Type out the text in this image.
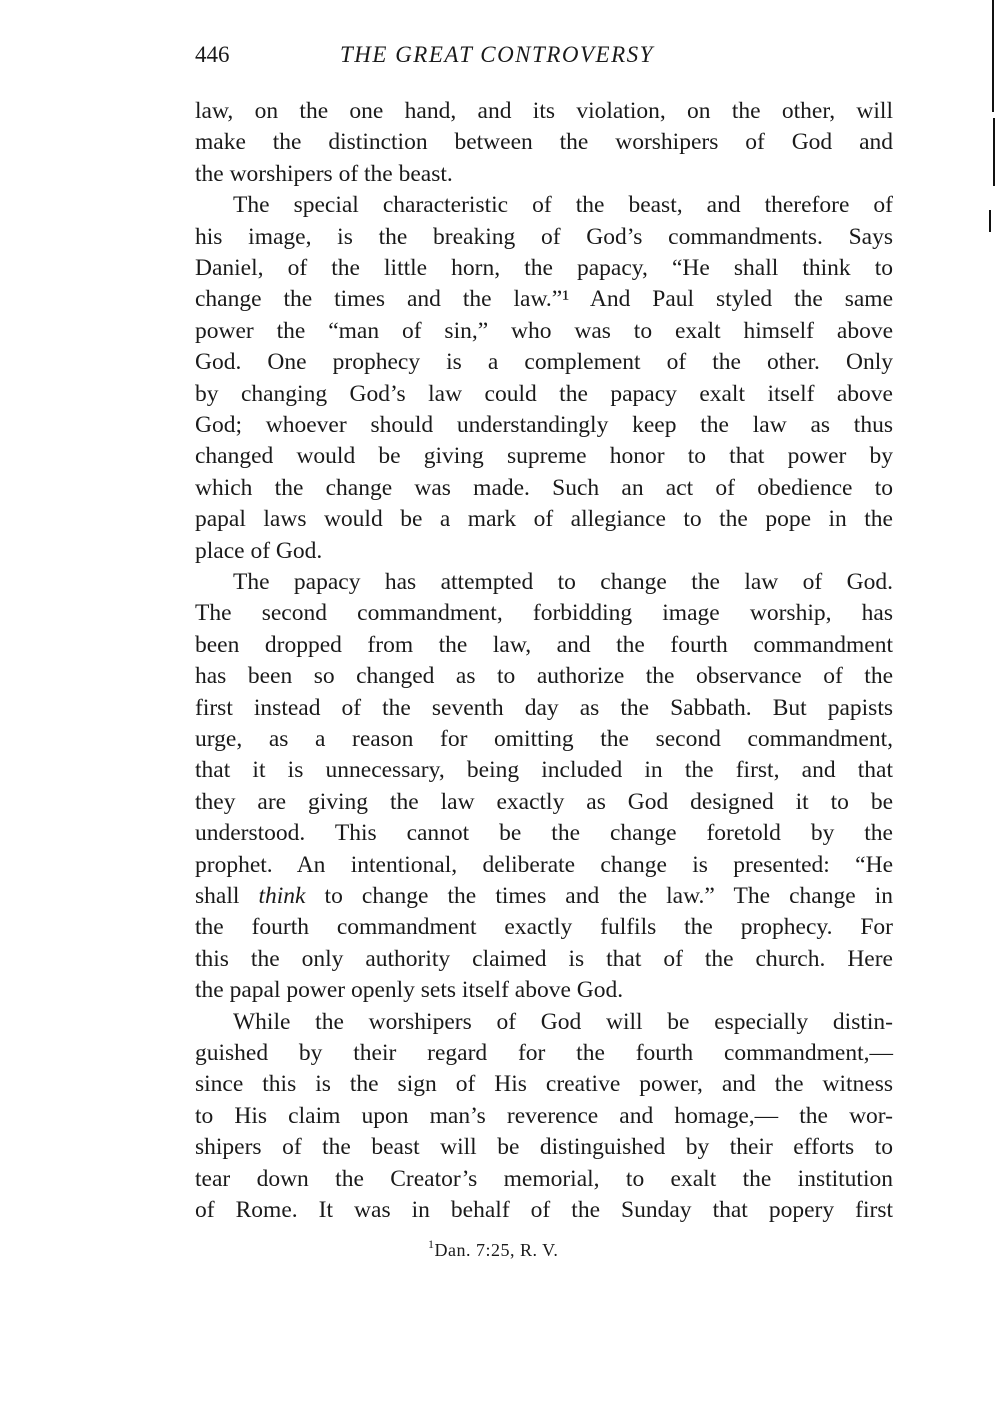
446	THE GREAT CONTROVERSY
law, on the one hand, and its violation, on the other, will
make the distinction between the worshipers of God and
the worshipers of the beast.
The special characteristic of the beast, and therefore of
his image, is the breaking of God’s commandments. Says
Daniel, of the little horn, the papacy, “He shall think to
change the times and the law.”¹ And Paul styled the same
power the “man of sin,” who was to exalt himself above
God. One prophecy is a complement of the other. Only
by changing God’s law could the papacy exalt itself above
God; whoever should understandingly keep the law as thus
changed would be giving supreme honor to that power by
which the change was made. Such an act of obedience to
papal laws would be a mark of allegiance to the pope in the
place of God.
The papacy has attempted to change the law of God.
The second commandment, forbidding image worship, has
been dropped from the law, and the fourth commandment
has been so changed as to authorize the observance of the
first instead of the seventh day as the Sabbath. But papists
urge, as a reason for omitting the second commandment,
that it is unnecessary, being included in the first, and that
they are giving the law exactly as God designed it to be
understood. This cannot be the change foretold by the
prophet. An intentional, deliberate change is presented: “He
shall think to change the times and the law.” The change in
the fourth commandment exactly fulfils the prophecy. For
this the only authority claimed is that of the church. Here
the papal power openly sets itself above God.
While the worshipers of God will be especially distin-
guished by their regard for the fourth commandment,—
since this is the sign of His creative power, and the witness
to His claim upon man’s reverence and homage,— the wor-
shipers of the beast will be distinguished by their efforts to
tear down the Creator’s memorial, to exalt the institution
of Rome. It was in behalf of the Sunday that popery first
$^1$Dan. 7:25, R. V.
